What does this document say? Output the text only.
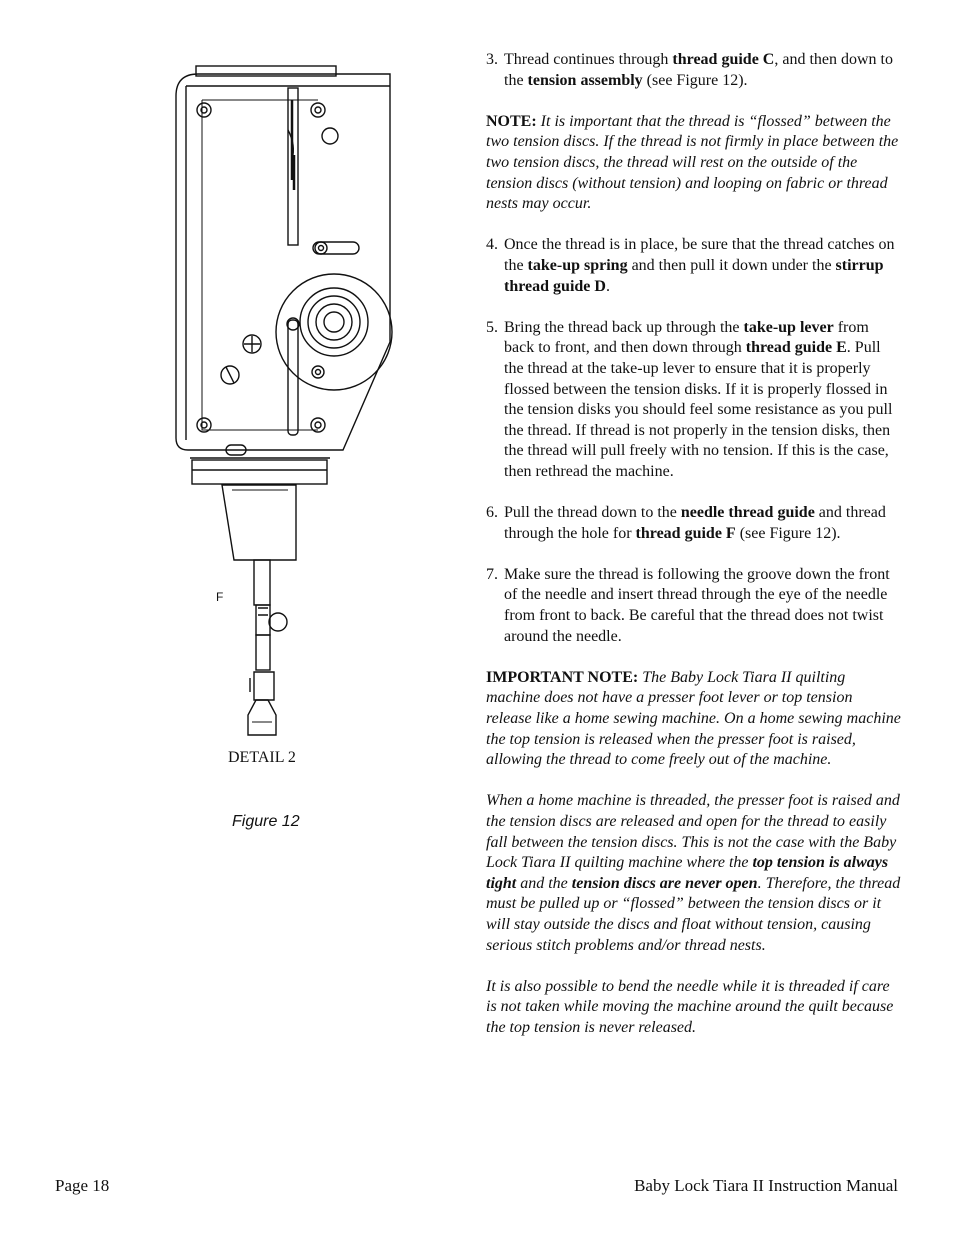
F
DETAIL 2
Figure 12
3. Thread continues through thread guide C, and then down to the tension assembly (see Figure 12).
NOTE: It is important that the thread is “flossed” between the two tension discs. If the thread is not firmly in place between the two tension discs, the thread will rest on the outside of the tension discs (without tension) and looping on fabric or thread nests may occur.
4. Once the thread is in place, be sure that the thread catches on the take-up spring and then pull it down under the stirrup thread guide D.
5. Bring the thread back up through the take-up lever from back to front, and then down through thread guide E. Pull the thread at the take-up lever to ensure that it is properly flossed between the tension disks. If it is properly flossed in the tension disks you should feel some resistance as you pull the thread. If thread is not properly in the tension disks, then the thread will pull freely with no tension. If this is the case, then rethread the machine.
6. Pull the thread down to the needle thread guide and thread through the hole for thread guide F (see Figure 12).
7. Make sure the thread is following the groove down the front of the needle and insert thread through the eye of the needle from front to back. Be careful that the thread does not twist around the needle.
IMPORTANT NOTE: The Baby Lock Tiara II quilting machine does not have a presser foot lever or top tension release like a home sewing machine. On a home sewing machine the top tension is released when the presser foot is raised, allowing the thread to come freely out of the machine.
When a home machine is threaded, the presser foot is raised and the tension discs are released and open for the thread to easily fall between the tension discs. This is not the case with the Baby Lock Tiara II quilting machine where the top tension is always tight and the tension discs are never open. Therefore, the thread must be pulled up or “flossed” between the tension discs or it will stay outside the discs and float without tension, causing serious stitch problems and/or thread nests.
It is also possible to bend the needle while it is threaded if care is not taken while moving the machine around the quilt because the top tension is never released.
Page 18	Baby Lock Tiara II Instruction Manual
